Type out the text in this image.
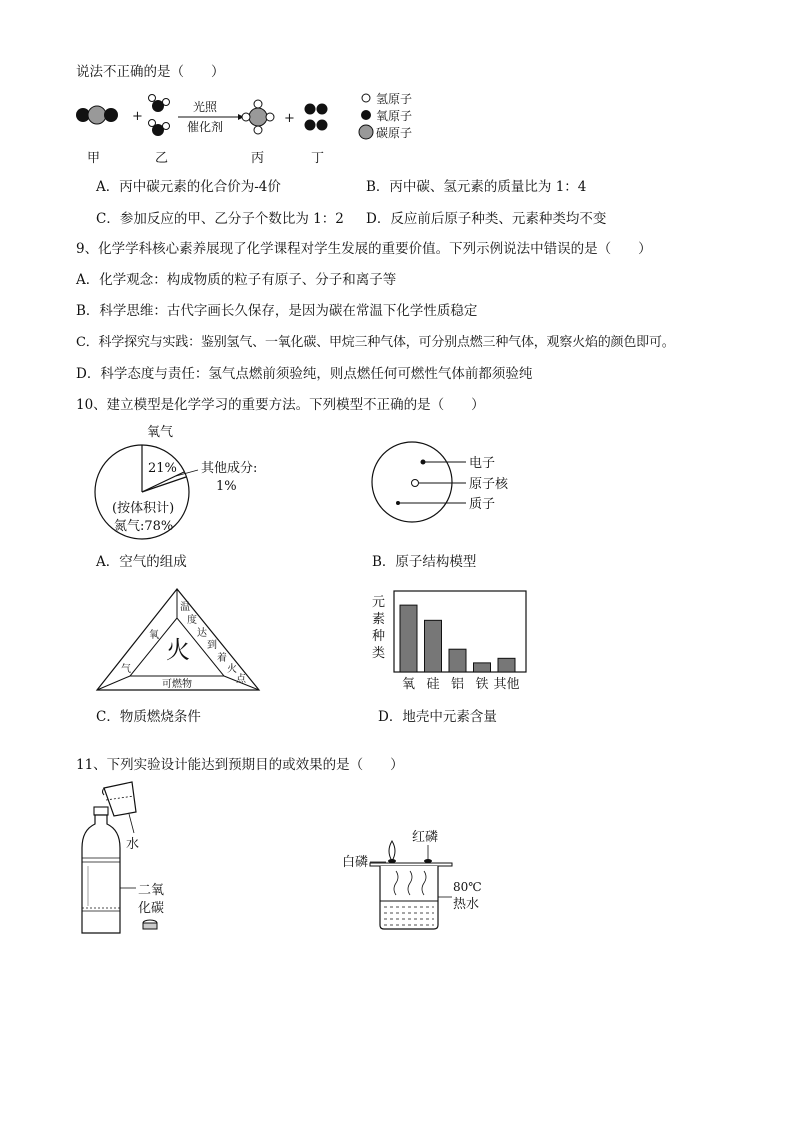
说法不正确的是（　　）
+
光照
催化剂
+
氢原子
氧原子
碳原子
甲	乙	丙	丁
A．丙中碳元素的化合价为-4价	B．丙中碳、氢元素的质量比为 1：4
C．参加反应的甲、乙分子个数比为 1：2 D．反应前后原子种类、元素种类均不变
9、化学学科核心素养展现了化学课程对学生发展的重要价值。下列示例说法中错误的是（　　）
A．化学观念：构成物质的粒子有原子、分子和离子等
B．科学思维：古代字画长久保存，是因为碳在常温下化学性质稳定
C．科学探究与实践：鉴别氢气、一氧化碳、甲烷三种气体，可分别点燃三种气体，观察火焰的颜色即可。
D．科学态度与责任：氢气点燃前须验纯，则点燃任何可燃性气体前都须验纯
10、建立模型是化学学习的重要方法。下列模型不正确的是（　　）
氧气
21% 其他成分:
1%
(按体积计)
氮气:78%
A．空气的组成
电子
原子核
质子
B．原子结构模型
火
氧
气
温
度
达
到
着
火
点
可燃物
C．物质燃烧条件
元
素
种
类
氧 硅 铝 铁 其他
D．地壳中元素含量
11、下列实验设计能达到预期目的或效果的是（　　）
水
二氧
化碳
红磷
白磷
80℃
热水
